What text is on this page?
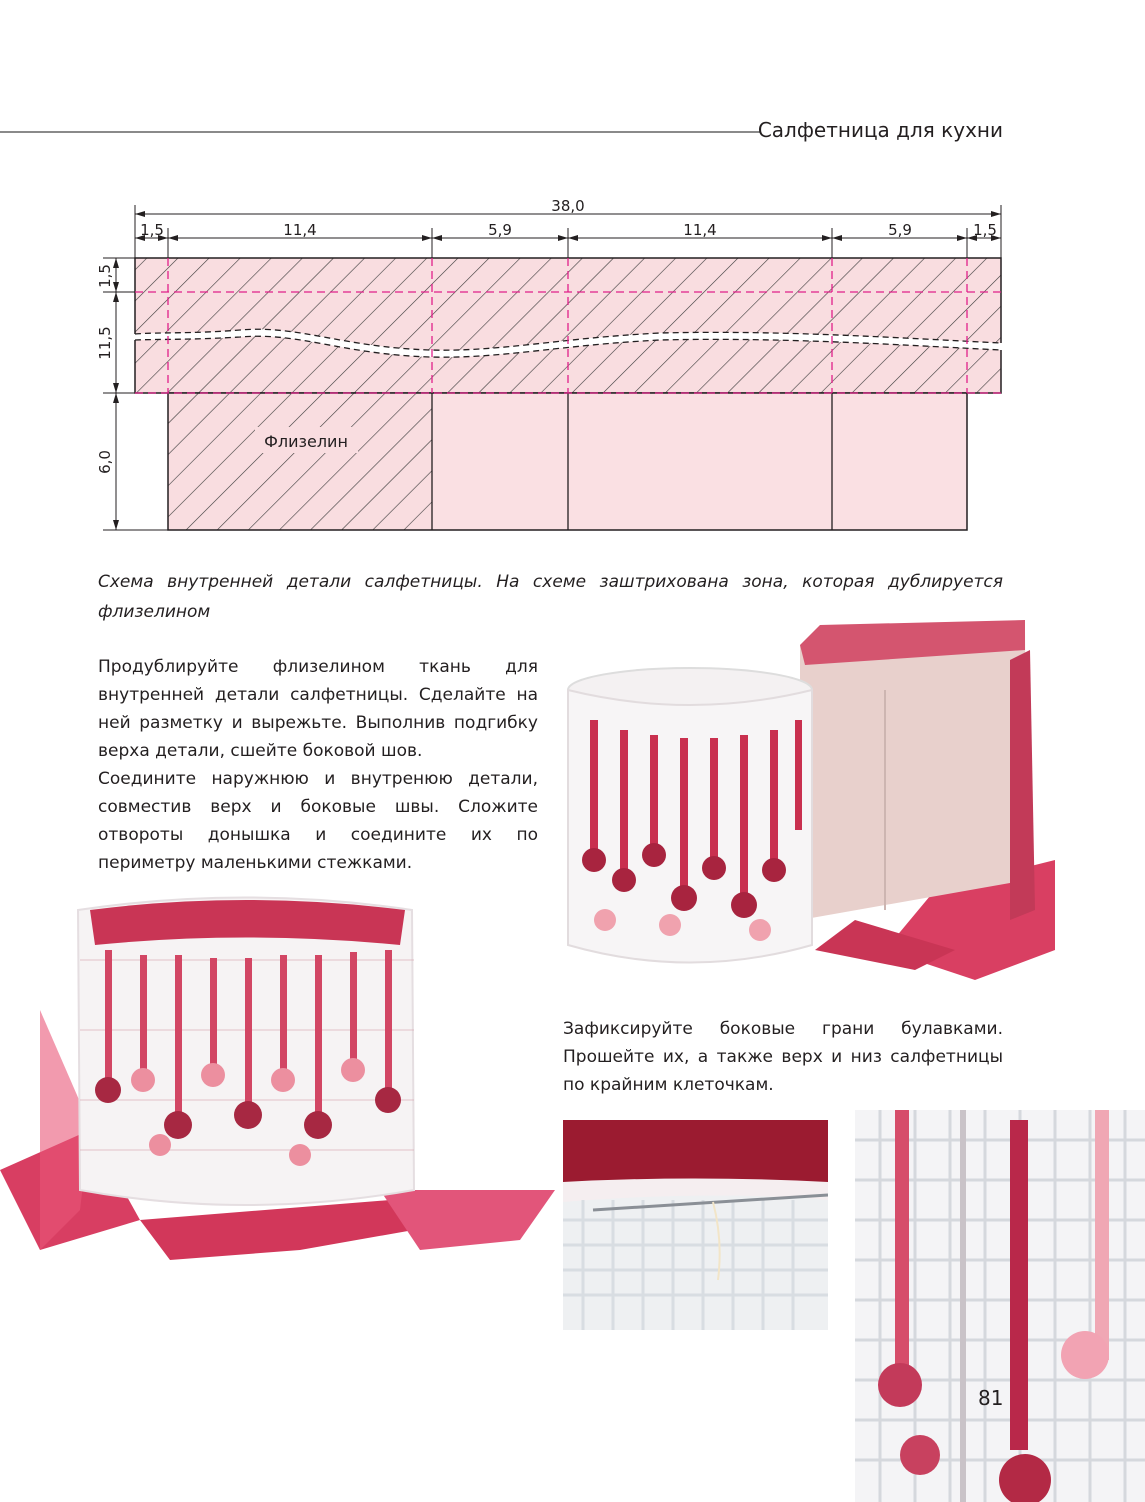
Салфетница для кухни
Флизелин
38,0
1,5	11,4	5,9	11,4	5,9	1,5
1,5
11,5
6,0
Схема внутренней детали салфетницы. На схеме заштрихована зона, которая дублируется флизелином
Продублируйте флизелином ткань для внутренней детали салфетницы. Сделайте на ней разметку и вырежьте. Выполнив подгибку верха детали, сшейте боковой шов.
Соедините наружнюю и внутренюю детали, совместив верх и боковые швы. Сложите отвороты донышка и соедините их по периметру маленькими стежками.
Зафиксируйте боковые грани булавками. Прошейте их, а также верх и низ салфетницы по крайним клеточкам.
81
